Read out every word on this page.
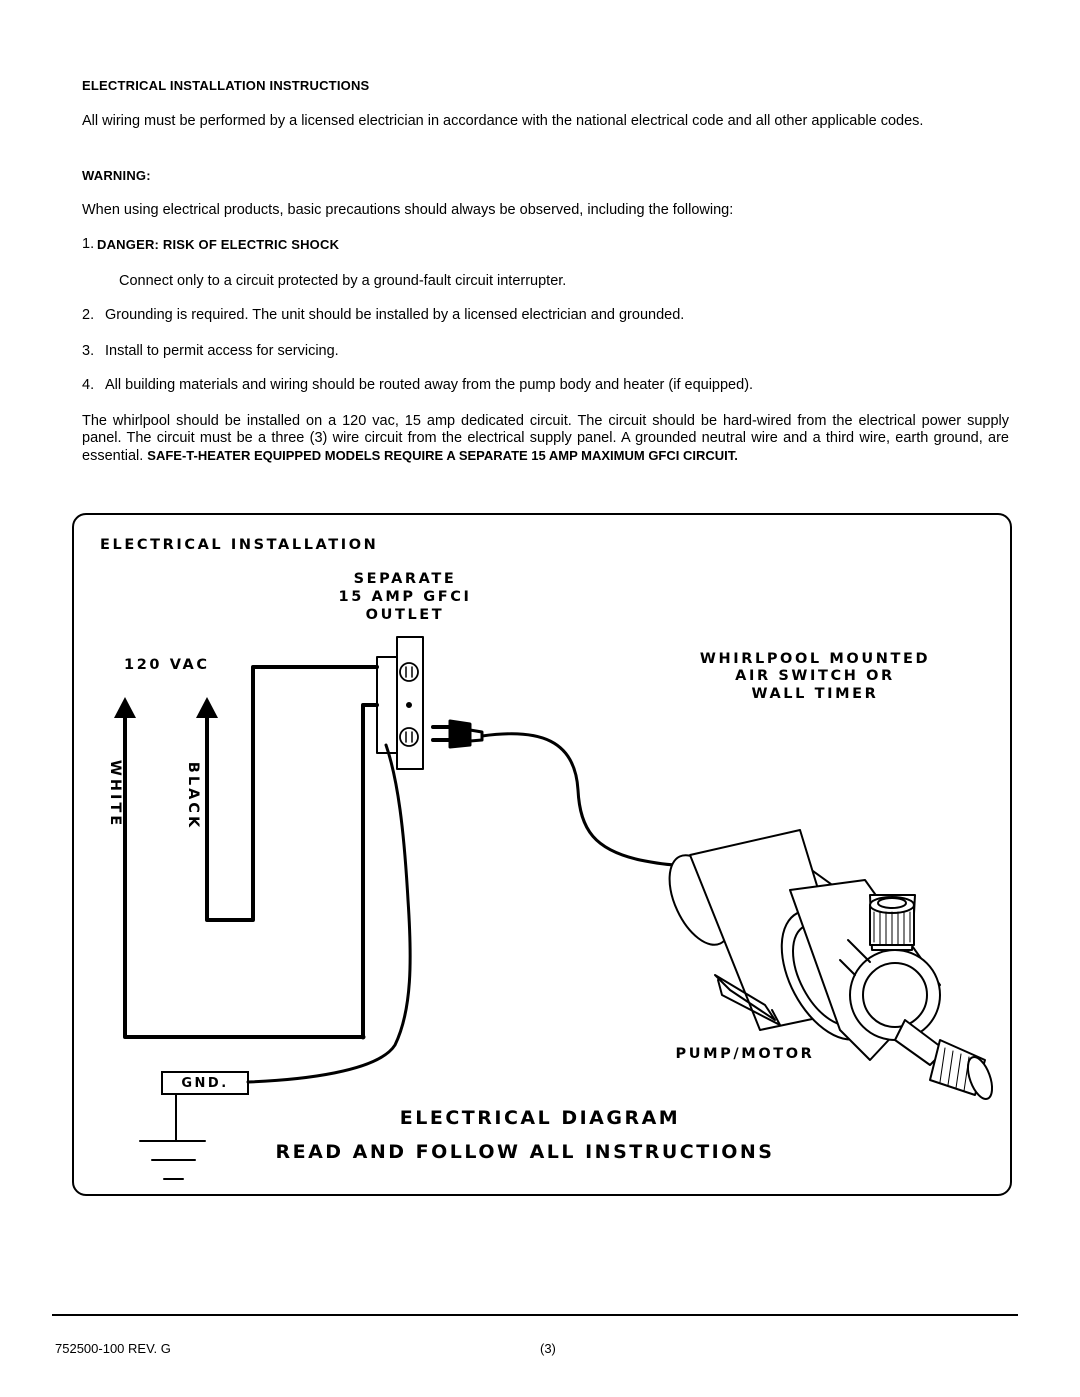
ELECTRICAL INSTALLATION INSTRUCTIONS
All wiring must be performed by a licensed electrician in accordance with the national electrical code and all other applicable codes.
WARNING:
When using electrical products, basic precautions should always be observed, including the following:
1. DANGER: RISK OF ELECTRIC SHOCK
Connect only to a circuit protected by a ground-fault circuit interrupter.
2. Grounding is required. The unit should be installed by a licensed electrician and grounded.
3. Install to permit access for servicing.
4. All building materials and wiring should be routed away from the pump body and heater (if equipped).
The whirlpool should be installed on a 120 vac, 15 amp dedicated circuit. The circuit should be hard-wired from the electrical power supply panel. The circuit must be a three (3) wire circuit from the electrical supply panel. A grounded neutral wire and a third wire, earth ground, are essential. SAFE-T-HEATER EQUIPPED MODELS REQUIRE A SEPARATE 15 AMP MAXIMUM GFCI CIRCUIT.
ELECTRICAL INSTALLATION
SEPARATE
15 AMP GFCI
OUTLET
120 VAC	WHIRLPOOL MOUNTED
AIR SWITCH OR
WALL TIMER
WHITE	BLACK
PUMP/MOTOR
GND.
ELECTRICAL DIAGRAM
READ AND FOLLOW ALL INSTRUCTIONS
752500-100 REV. G	(3)
